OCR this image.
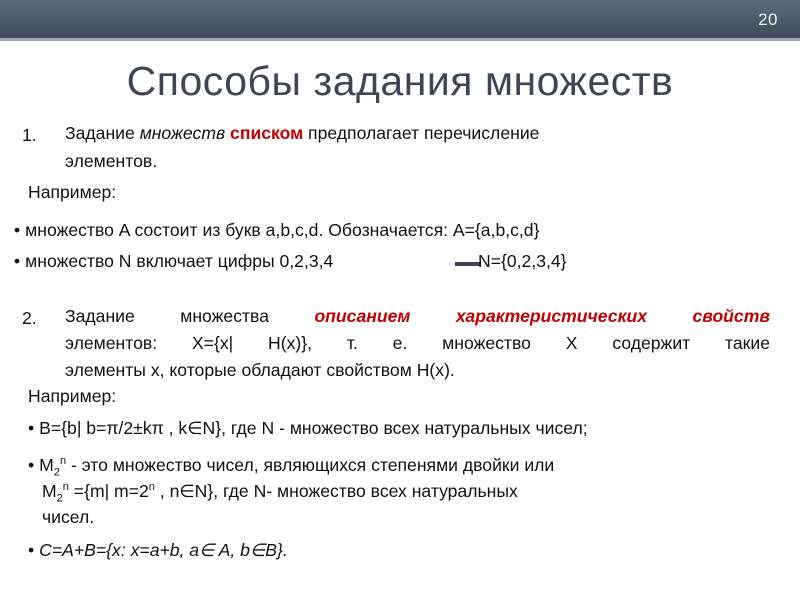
20
Способы задания множеств
1. Задание множеств списком предполагает перечисление
элементов.
Например:
• множество A состоит из букв a,b,c,d. Обозначается: A={a,b,c,d}
• множество N включает цифры 0,2,3,4	N={0,2,3,4}
2. Задание множества описанием характеристических свойств
элементов: X={x| H(x)}, т. е. множество X содержит такие
элементы x, которые обладают свойством H(x).
Например:
• B={b| b=π/2±kπ , k∈N}, где N - множество всех натуральных чисел;
• $M_2^n$ - это множество чисел, являющихся степенями двойки или
$M_2^n =\{m|$ $m=2^n$ , n∈N}, где N- множество всех натуральных
чисел.
• C=A+B={x: x=a+b, a∈ A, b∈B}.
